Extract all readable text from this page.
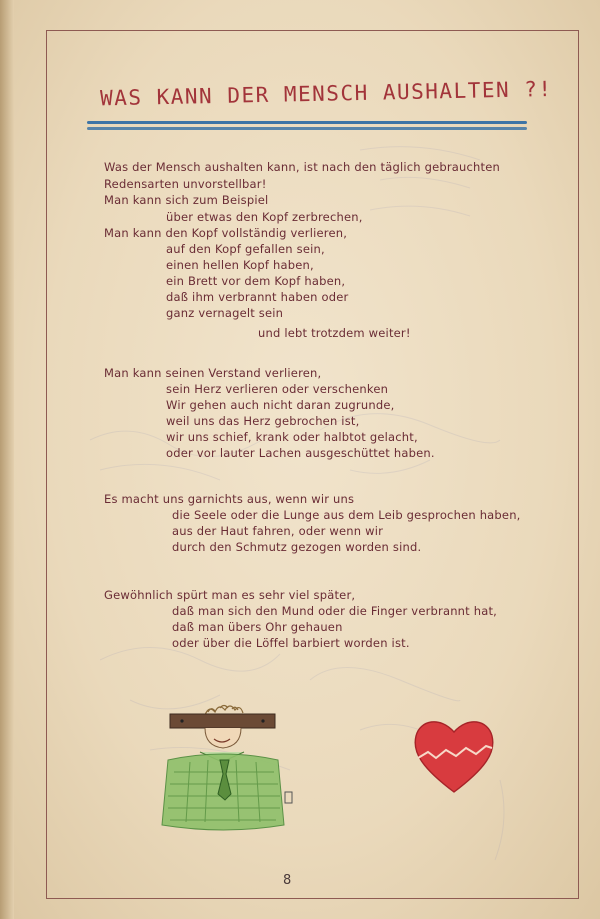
WAS KANN DER MENSCH AUSHALTEN ?!
Was der Mensch aushalten kann, ist nach den täglich gebrauchten
Redensarten unvorstellbar!
Man kann sich zum Beispiel
über etwas den Kopf zerbrechen,
Man kann den Kopf vollständig verlieren,
auf den Kopf gefallen sein,
einen hellen Kopf haben,
ein Brett vor dem Kopf haben,
daß ihm verbrannt haben oder
ganz vernagelt sein
und lebt trotzdem weiter!
Man kann seinen Verstand verlieren,
sein Herz verlieren oder verschenken
Wir gehen auch nicht daran zugrunde,
weil uns das Herz gebrochen ist,
wir uns schief, krank oder halbtot gelacht,
oder vor lauter Lachen ausgeschüttet haben.
Es macht uns garnichts aus, wenn wir uns
die Seele oder die Lunge aus dem Leib gesprochen haben,
aus der Haut fahren, oder wenn wir
durch den Schmutz gezogen worden sind.
Gewöhnlich spürt man es sehr viel später,
daß man sich den Mund oder die Finger verbrannt hat,
daß man übers Ohr gehauen
oder über die Löffel barbiert worden ist.
8
